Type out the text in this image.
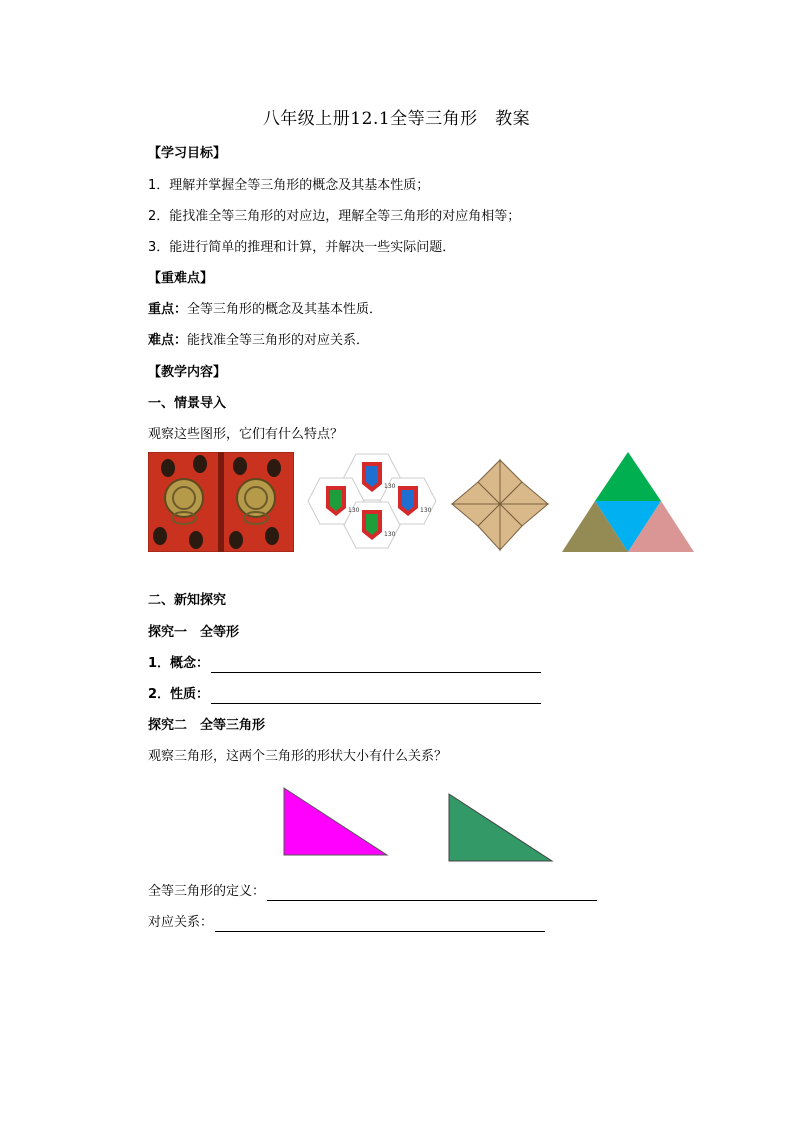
八年级上册12.1全等三角形　教案
【学习目标】
1．理解并掌握全等三角形的概念及其基本性质；
2．能找准全等三角形的对应边，理解全等三角形的对应角相等；
3．能进行简单的推理和计算，并解决一些实际问题．
【重难点】
重点：全等三角形的概念及其基本性质．
难点：能找准全等三角形的对应关系．
【教学内容】
一、情景导入
观察这些图形，它们有什么特点？
130
130	130
130
二、新知探究
探究一　全等形
1．概念：
2．性质：
探究二　全等三角形
观察三角形，这两个三角形的形状大小有什么关系？
全等三角形的定义：
对应关系：
